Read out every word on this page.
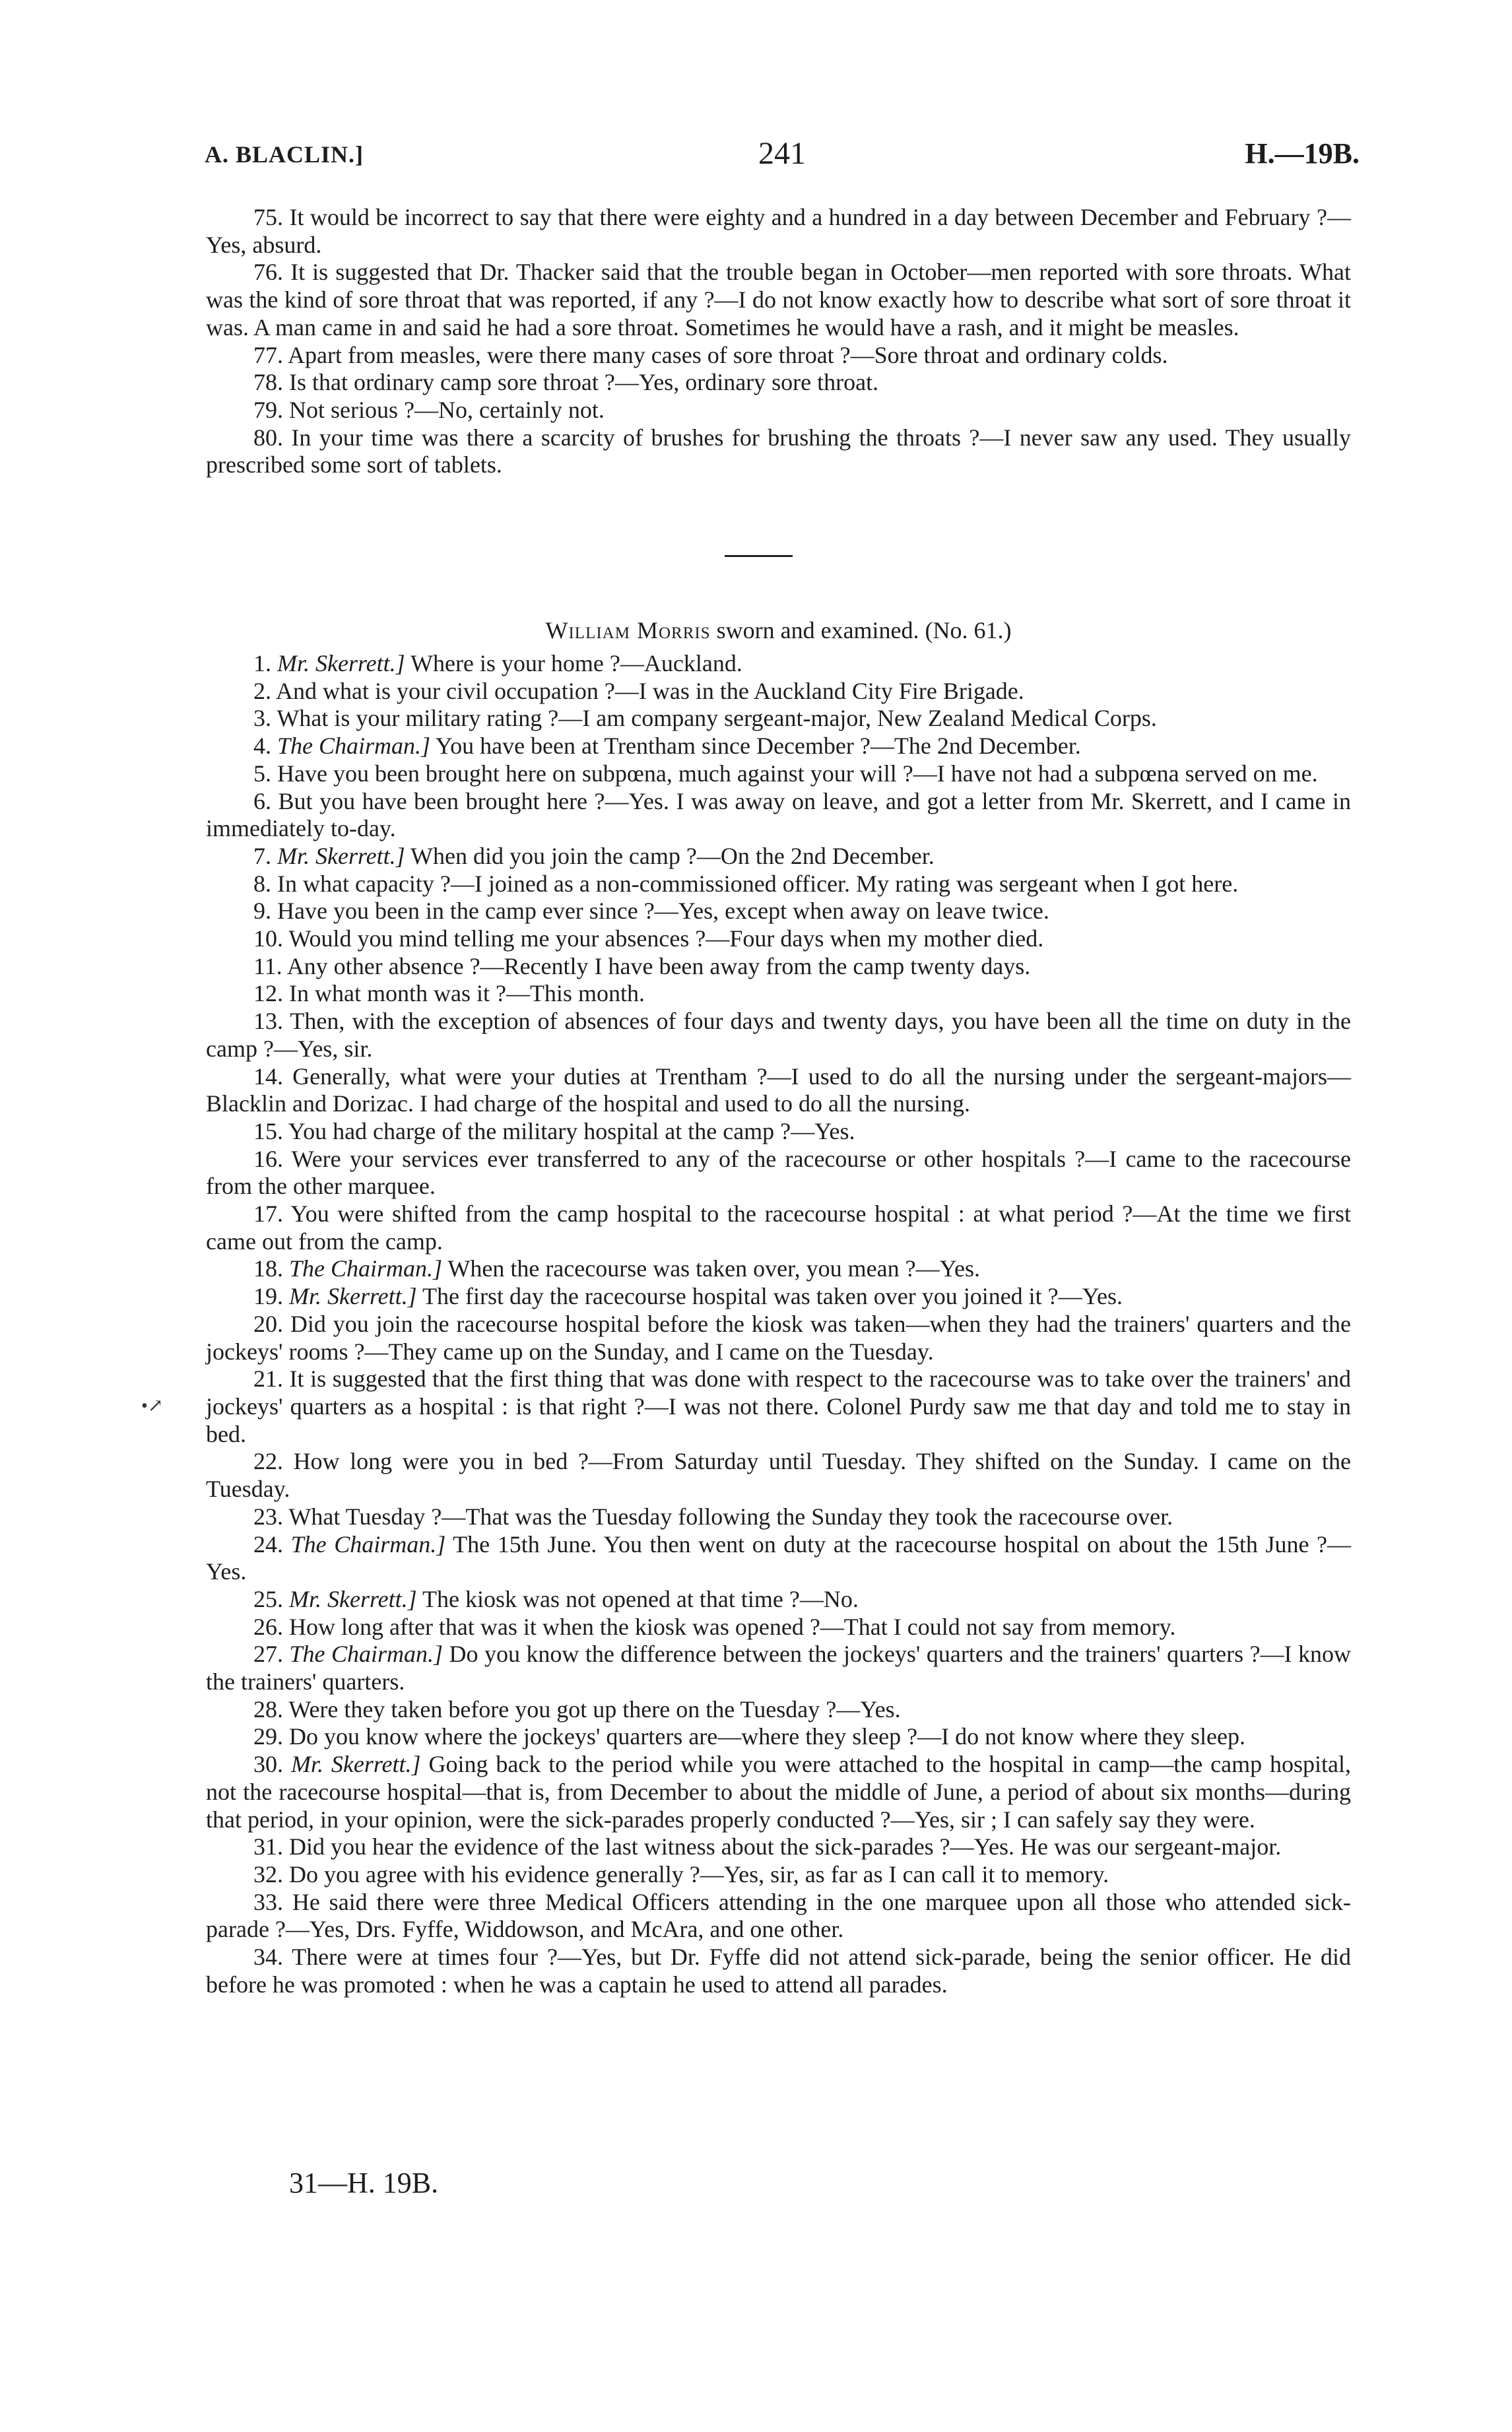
A. BLACLIN.]	241	H.—19B.

75. It would be incorrect to say that there were eighty and a hundred in a day between December and February ?—Yes, absurd.

76. It is suggested that Dr. Thacker said that the trouble began in October—men reported with sore throats. What was the kind of sore throat that was reported, if any ?—I do not know exactly how to describe what sort of sore throat it was. A man came in and said he had a sore throat. Sometimes he would have a rash, and it might be measles.

77. Apart from measles, were there many cases of sore throat ?—Sore throat and ordinary colds.

78. Is that ordinary camp sore throat ?—Yes, ordinary sore throat.

79. Not serious ?—No, certainly not.

80. In your time was there a scarcity of brushes for brushing the throats ?—I never saw any used. They usually prescribed some sort of tablets.

William Morris sworn and examined. (No. 61.)

1. Mr. Skerrett.] Where is your home ?—Auckland.

2. And what is your civil occupation ?—I was in the Auckland City Fire Brigade.

3. What is your military rating ?—I am company sergeant-major, New Zealand Medical Corps.

4. The Chairman.] You have been at Trentham since December ?—The 2nd December.

5. Have you been brought here on subpœna, much against your will ?—I have not had a subpœna served on me.

6. But you have been brought here ?—Yes. I was away on leave, and got a letter from Mr. Skerrett, and I came in immediately to-day.

7. Mr. Skerrett.] When did you join the camp ?—On the 2nd December.

8. In what capacity ?—I joined as a non-commissioned officer. My rating was sergeant when I got here.

9. Have you been in the camp ever since ?—Yes, except when away on leave twice.

10. Would you mind telling me your absences ?—Four days when my mother died.

11. Any other absence ?—Recently I have been away from the camp twenty days.

12. In what month was it ?—This month.

13. Then, with the exception of absences of four days and twenty days, you have been all the time on duty in the camp ?—Yes, sir.

14. Generally, what were your duties at Trentham ?—I used to do all the nursing under the sergeant-majors—Blacklin and Dorizac. I had charge of the hospital and used to do all the nursing.

15. You had charge of the military hospital at the camp ?—Yes.

16. Were your services ever transferred to any of the racecourse or other hospitals ?—I came to the racecourse from the other marquee.

17. You were shifted from the camp hospital to the racecourse hospital : at what period ?—At the time we first came out from the camp.

18. The Chairman.] When the racecourse was taken over, you mean ?—Yes.

19. Mr. Skerrett.] The first day the racecourse hospital was taken over you joined it ?—Yes.

20. Did you join the racecourse hospital before the kiosk was taken—when they had the trainers' quarters and the jockeys' rooms ?—They came up on the Sunday, and I came on the Tuesday.

21. It is suggested that the first thing that was done with respect to the racecourse was to take over the trainers' and jockeys' quarters as a hospital : is that right ?—I was not there. Colonel Purdy saw me that day and told me to stay in bed.

22. How long were you in bed ?—From Saturday until Tuesday. They shifted on the Sunday. I came on the Tuesday.

23. What Tuesday ?—That was the Tuesday following the Sunday they took the racecourse over.

24. The Chairman.] The 15th June. You then went on duty at the racecourse hospital on about the 15th June ?—Yes.

25. Mr. Skerrett.] The kiosk was not opened at that time ?—No.

26. How long after that was it when the kiosk was opened ?—That I could not say from memory.

27. The Chairman.] Do you know the difference between the jockeys' quarters and the trainers' quarters ?—I know the trainers' quarters.

28. Were they taken before you got up there on the Tuesday ?—Yes.

29. Do you know where the jockeys' quarters are—where they sleep ?—I do not know where they sleep.

30. Mr. Skerrett.] Going back to the period while you were attached to the hospital in camp—the camp hospital, not the racecourse hospital—that is, from December to about the middle of June, a period of about six months—during that period, in your opinion, were the sick-parades properly conducted ?—Yes, sir ; I can safely say they were.

31. Did you hear the evidence of the last witness about the sick-parades ?—Yes. He was our sergeant-major.

32. Do you agree with his evidence generally ?—Yes, sir, as far as I can call it to memory.

33. He said there were three Medical Officers attending in the one marquee upon all those who attended sick-parade ?—Yes, Drs. Fyffe, Widdowson, and McAra, and one other.

34. There were at times four ?—Yes, but Dr. Fyffe did not attend sick-parade, being the senior officer. He did before he was promoted : when he was a captain he used to attend all parades.

31—H. 19B.
•↗
